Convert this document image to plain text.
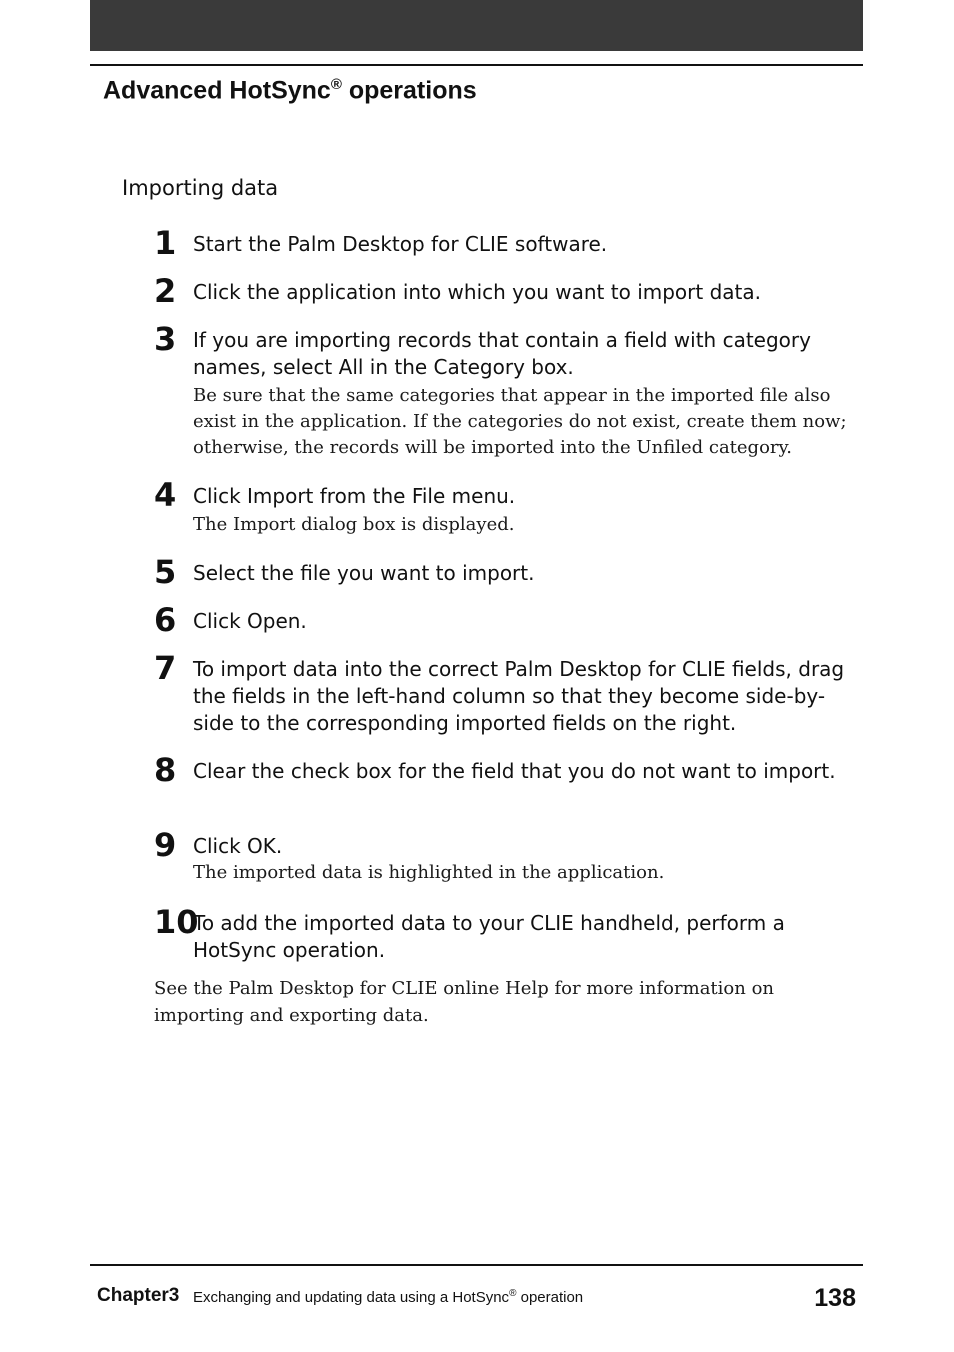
Advanced HotSync® operations
Importing data
1 Start the Palm Desktop for CLIE software.
2 Click the application into which you want to import data.
3 If you are importing records that contain a field with category names, select All in the Category box.
Be sure that the same categories that appear in the imported file also exist in the application. If the categories do not exist, create them now; otherwise, the records will be imported into the Unfiled category.
4 Click Import from the File menu.
The Import dialog box is displayed.
5 Select the file you want to import.
6 Click Open.
7 To import data into the correct Palm Desktop for CLIE fields, drag the fields in the left-hand column so that they become side-by-side to the corresponding imported fields on the right.
8 Clear the check box for the field that you do not want to import.
9 Click OK.
The imported data is highlighted in the application.
10
To add the imported data to your CLIE handheld, perform a HotSync operation.

See the Palm Desktop for CLIE online Help for more information on importing and exporting data.

Chapter3 Exchanging and updating data using a HotSync® operation	138
